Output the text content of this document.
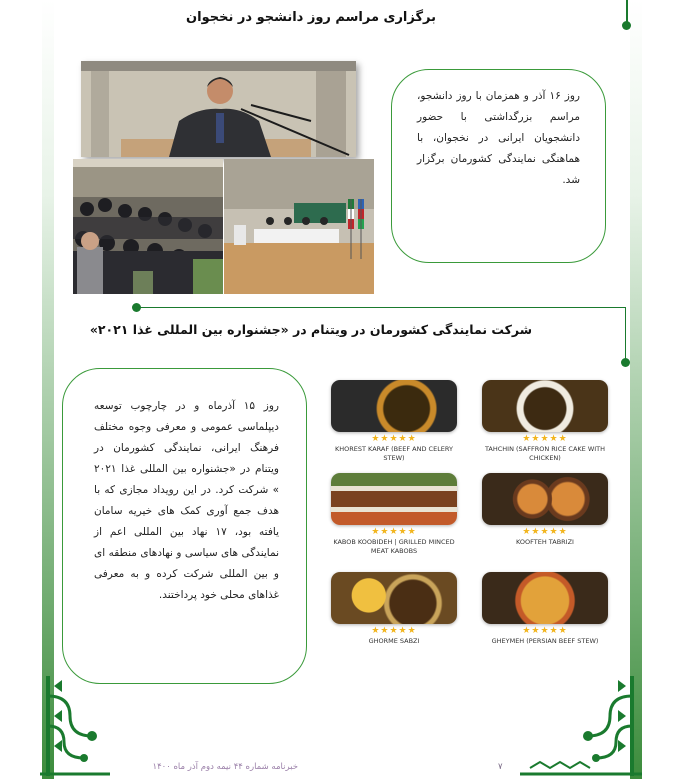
برگزاری مراسم روز دانشجو در نخجوان
روز ۱۶ آذر و همزمان با روز دانشجو، مراسم بزرگداشتی با حضور دانشجویان ایرانی در نخجوان، با هماهنگی نمایندگی کشورمان برگزار شد.
شرکت نمایندگی کشورمان در ویتنام در «جشنواره بین المللی غذا ۲۰۲۱»
روز ۱۵ آذرماه و در چارچوب توسعه دیپلماسی عمومی و معرفی وجوه مختلف فرهنگ ایرانی، نمایندگی کشورمان در ویتنام در «جشنواره بین المللی غذا ۲۰۲۱ » شرکت کرد. در این رویداد مجازی که با هدف جمع آوری کمک های خیریه سامان یافته بود، ۱۷ نهاد بین المللی اعم از نمایندگی های سیاسی و نهادهای منطقه ای و بین المللی شرکت کرده و به معرفی غذاهای محلی خود پرداختند.
★★★★★
TAHCHIN (SAFFRON RICE CAKE WITH CHICKEN)
★★★★★
KHOREST KARAF (BEEF AND CELERY STEW)
★★★★★
KOOFTEH TABRIZI
★★★★★
KABOB KOOBIDEH | GRILLED MINCED MEAT KABOBS
★★★★★
GHEYMEH (PERSIAN BEEF STEW)
★★★★★
GHORME SABZI
۷
خبرنامه شماره ۴۴ نیمه دوم آذر ماه ۱۴۰۰
